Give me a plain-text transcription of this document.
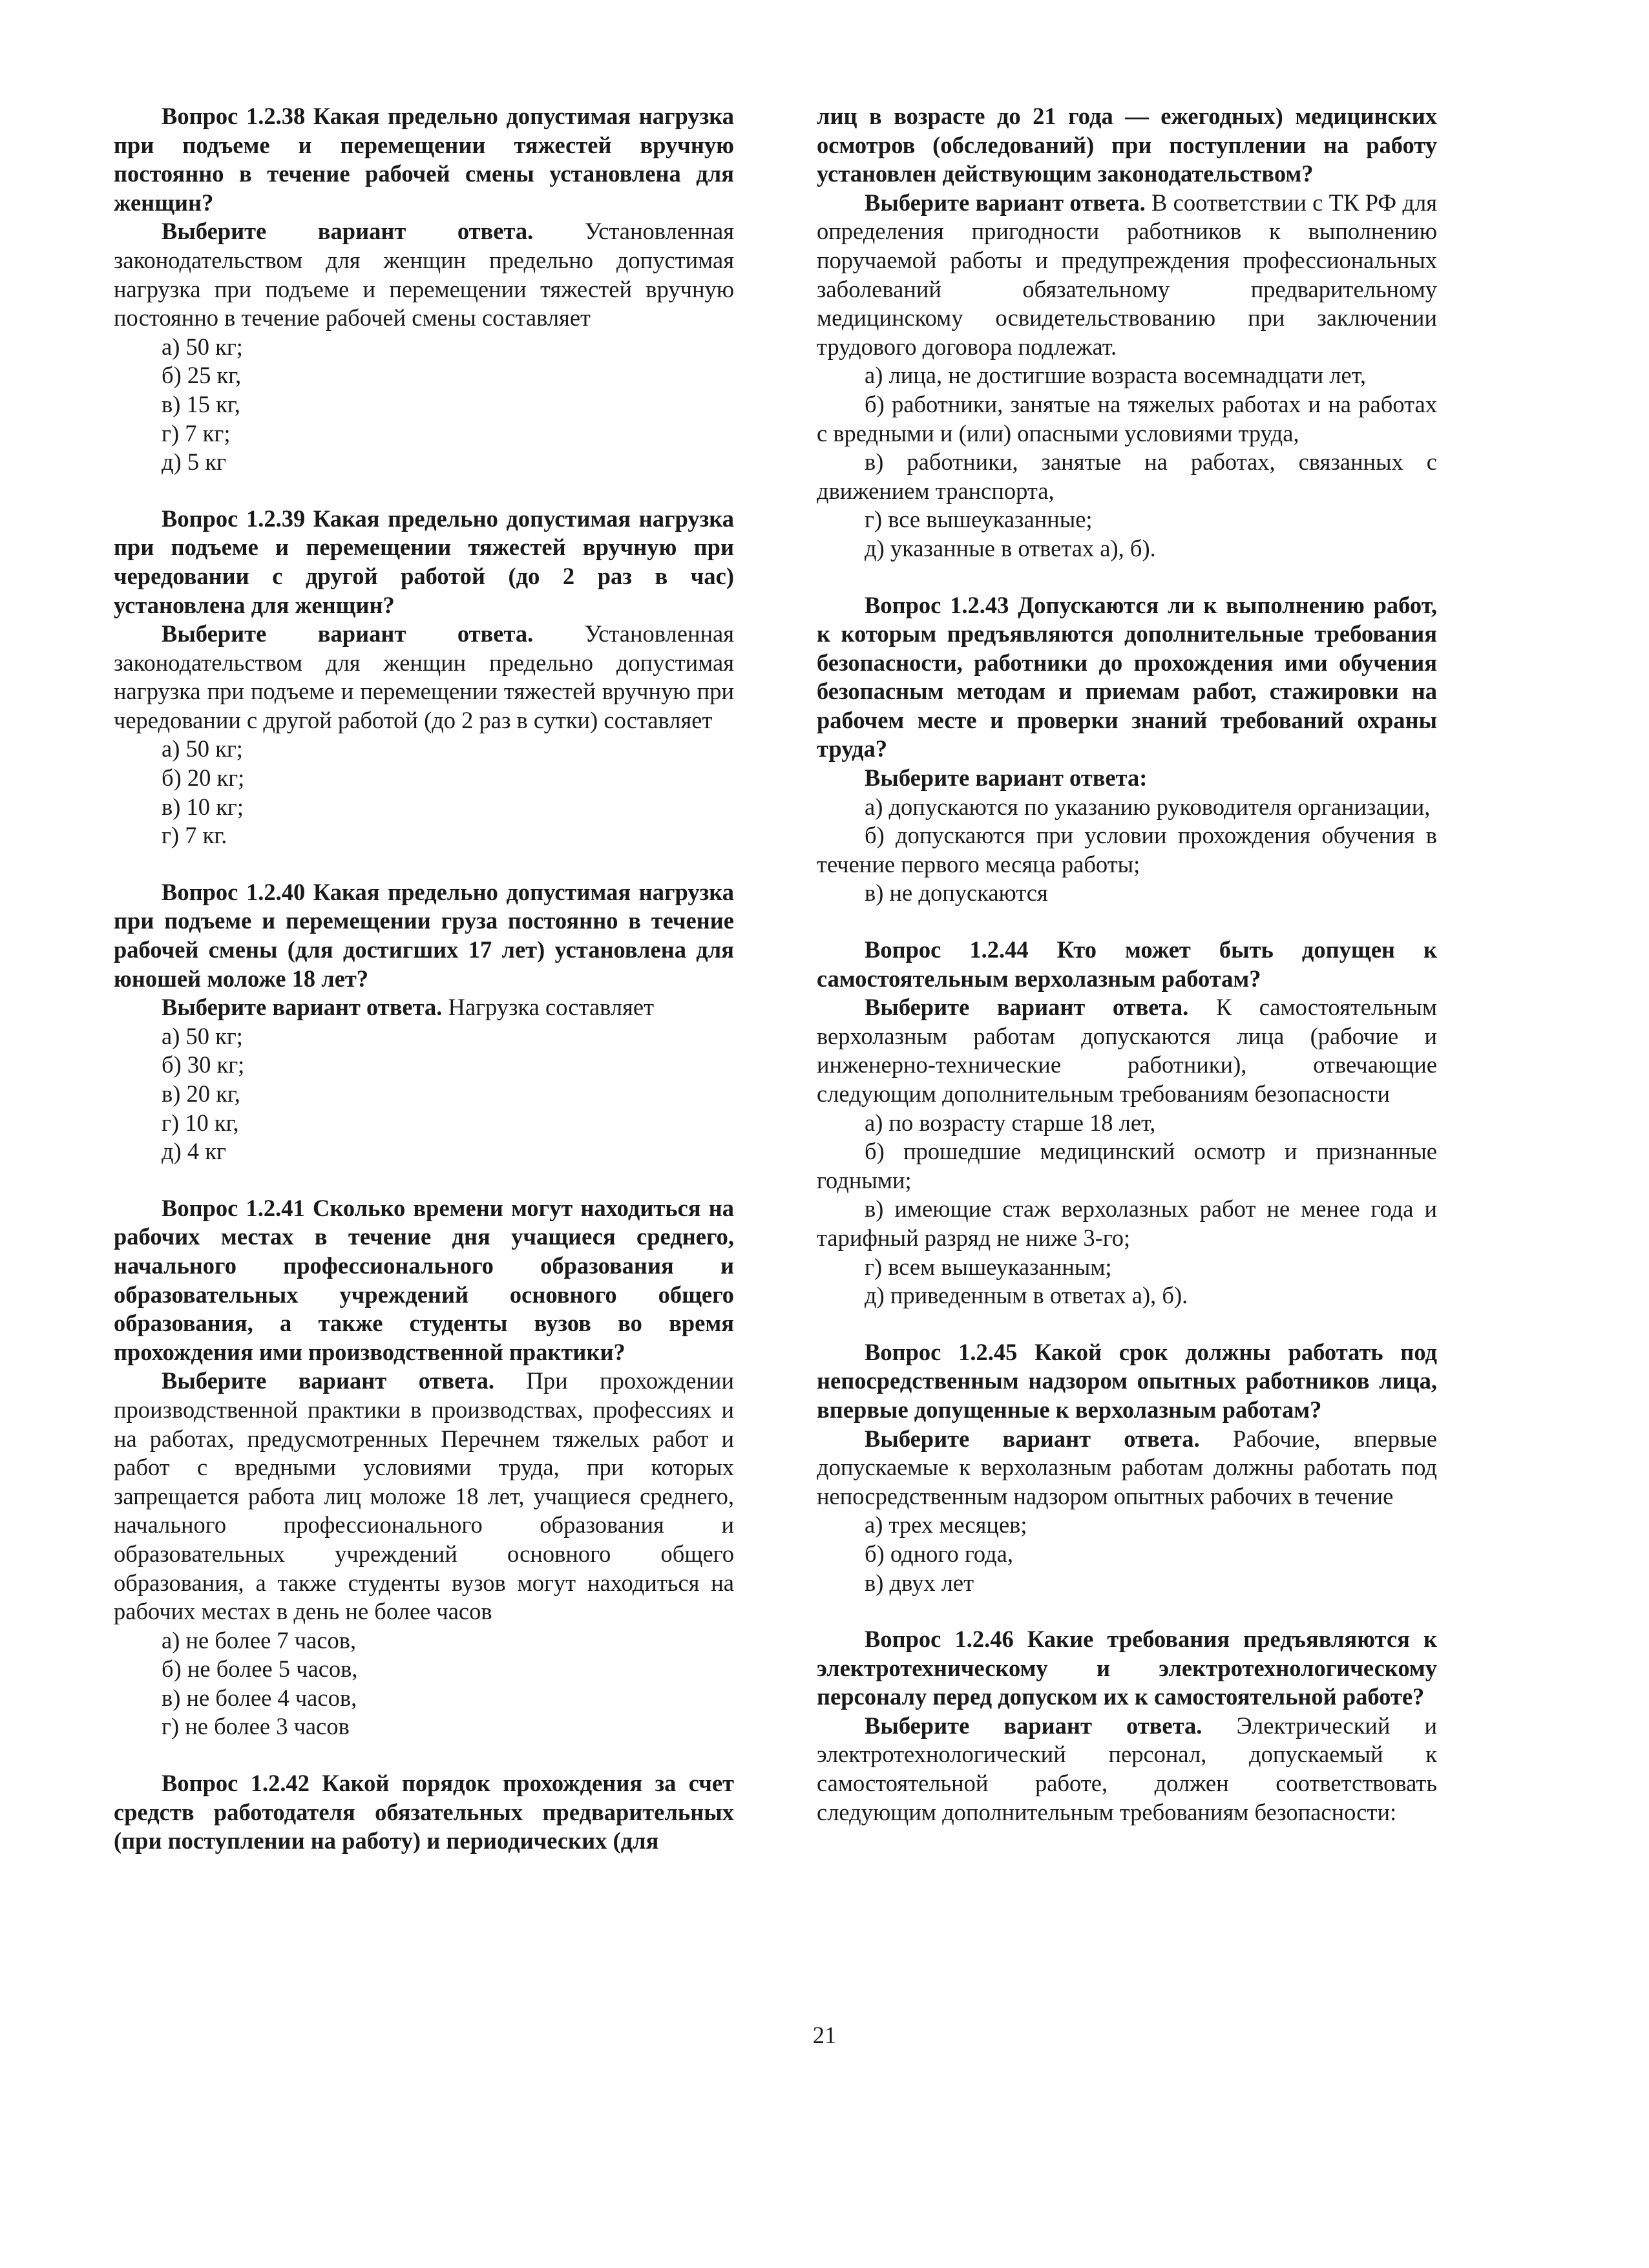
Вопрос 1.2.38 Какая предельно допустимая нагрузка при подъеме и перемещении тяжестей вручную постоянно в течение рабочей смены установлена для женщин?

Выберите вариант ответа. Установленная законодательством для женщин предельно допустимая нагрузка при подъеме и перемещении тяжестей вручную постоянно в течение рабочей смены составляет

а) 50 кг;

б) 25 кг,

в) 15 кг,

г) 7 кг;

д) 5 кг

Вопрос 1.2.39 Какая предельно допустимая нагрузка при подъеме и перемещении тяжестей вручную при чередовании с другой работой (до 2 раз в час) установлена для женщин?

Выберите вариант ответа. Установленная законодательством для женщин предельно допустимая нагрузка при подъеме и перемещении тяжестей вручную при чередовании с другой работой (до 2 раз в сутки) составляет

а) 50 кг;

б) 20 кг;

в) 10 кг;

г) 7 кг.

Вопрос 1.2.40 Какая предельно допустимая нагрузка при подъеме и перемещении груза постоянно в течение рабочей смены (для достигших 17 лет) установлена для юношей моложе 18 лет?

Выберите вариант ответа. Нагрузка составляет

а) 50 кг;

б) 30 кг;

в) 20 кг,

г) 10 кг,

д) 4 кг

Вопрос 1.2.41 Сколько времени могут находиться на рабочих местах в течение дня учащиеся среднего, начального профессионального образования и образовательных учреждений основного общего образования, а также студенты вузов во время прохождения ими производственной практики?

Выберите вариант ответа. При прохождении производственной практики в производствах, профессиях и на работах, предусмотренных Перечнем тяжелых работ и работ с вредными условиями труда, при которых запрещается работа лиц моложе 18 лет, учащиеся среднего, начального профессионального образования и образовательных учреждений основного общего образования, а также студенты вузов могут находиться на рабочих местах в день не более часов

а) не более 7 часов,

б) не более 5 часов,

в) не более 4 часов,

г) не более 3 часов

Вопрос 1.2.42 Какой порядок прохождения за счет средств работодателя обязательных предварительных (при поступлении на работу) и периодических (для

лиц в возрасте до 21 года — ежегодных) медицинских осмотров (обследований) при поступлении на работу установлен действующим законодательством?

Выберите вариант ответа. В соответствии с ТК РФ для определения пригодности работников к выполнению поручаемой работы и предупреждения профессиональных заболеваний обязательному предварительному медицинскому освидетельствованию при заключении трудового договора подлежат.

а) лица, не достигшие возраста восемнадцати лет,

б) работники, занятые на тяжелых работах и на работах с вредными и (или) опасными условиями труда,

в) работники, занятые на работах, связанных с движением транспорта,

г) все вышеуказанные;

д) указанные в ответах а), б).

Вопрос 1.2.43 Допускаются ли к выполнению работ, к которым предъявляются дополнительные требования безопасности, работники до прохождения ими обучения безопасным методам и приемам работ, стажировки на рабочем месте и проверки знаний требований охраны труда?

Выберите вариант ответа:

а) допускаются по указанию руководителя организации,

б) допускаются при условии прохождения обучения в течение первого месяца работы;

в) не допускаются

Вопрос 1.2.44 Кто может быть допущен к самостоятельным верхолазным работам?

Выберите вариант ответа. К самостоятельным верхолазным работам допускаются лица (рабочие и инженерно-технические работники), отвечающие следующим дополнительным требованиям безопасности

а) по возрасту старше 18 лет,

б) прошедшие медицинский осмотр и признанные годными;

в) имеющие стаж верхолазных работ не менее года и тарифный разряд не ниже 3-го;

г) всем вышеуказанным;

д) приведенным в ответах а), б).

Вопрос 1.2.45 Какой срок должны работать под непосредственным надзором опытных работников лица, впервые допущенные к верхолазным работам?

Выберите вариант ответа. Рабочие, впервые допускаемые к верхолазным работам должны работать под непосредственным надзором опытных рабочих в течение

а) трех месяцев;

б) одного года,

в) двух лет

Вопрос 1.2.46 Какие требования предъявляются к электротехническому и электротехнологическому персоналу перед допуском их к самостоятельной работе?

Выберите вариант ответа. Электрический и электротехнологический персонал, допускаемый к самостоятельной работе, должен соответствовать следующим дополнительным требованиям безопасности:

21
